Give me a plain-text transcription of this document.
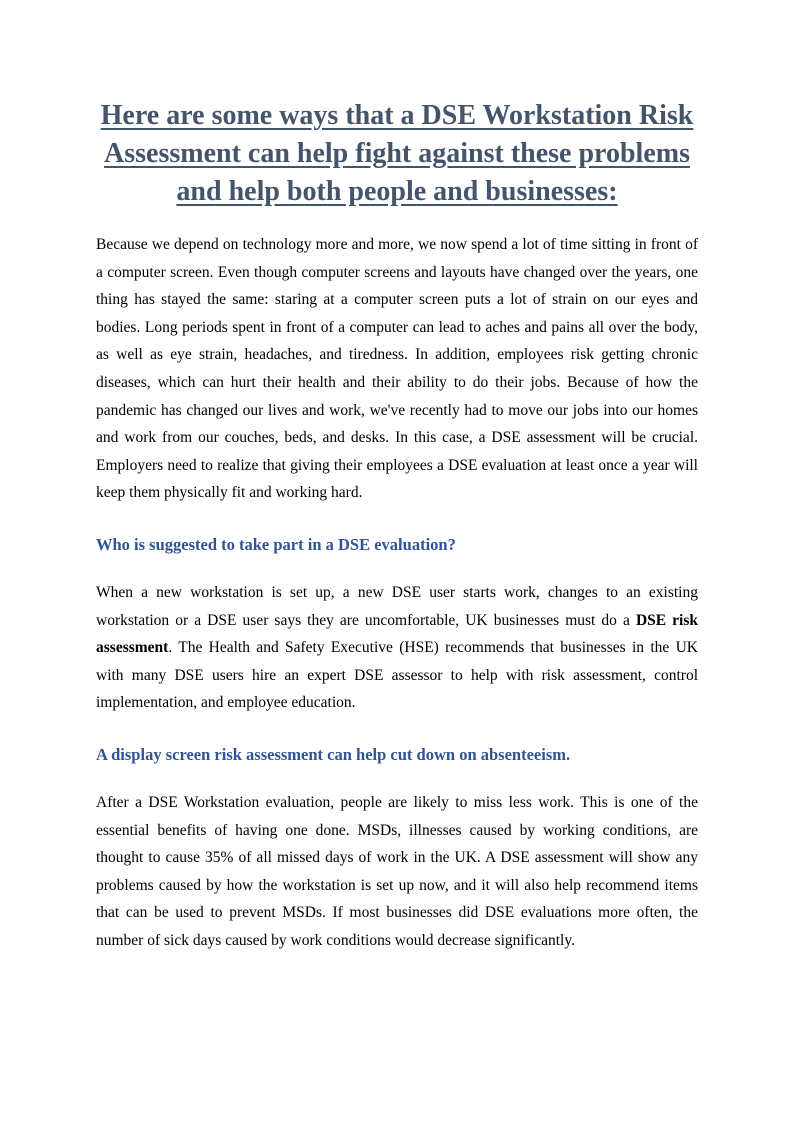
Here are some ways that a DSE Workstation Risk Assessment can help fight against these problems and help both people and businesses:

Because we depend on technology more and more, we now spend a lot of time sitting in front of a computer screen. Even though computer screens and layouts have changed over the years, one thing has stayed the same: staring at a computer screen puts a lot of strain on our eyes and bodies. Long periods spent in front of a computer can lead to aches and pains all over the body, as well as eye strain, headaches, and tiredness. In addition, employees risk getting chronic diseases, which can hurt their health and their ability to do their jobs. Because of how the pandemic has changed our lives and work, we've recently had to move our jobs into our homes and work from our couches, beds, and desks. In this case, a DSE assessment will be crucial. Employers need to realize that giving their employees a DSE evaluation at least once a year will keep them physically fit and working hard.

Who is suggested to take part in a DSE evaluation?

When a new workstation is set up, a new DSE user starts work, changes to an existing workstation or a DSE user says they are uncomfortable, UK businesses must do a DSE risk assessment. The Health and Safety Executive (HSE) recommends that businesses in the UK with many DSE users hire an expert DSE assessor to help with risk assessment, control implementation, and employee education.

A display screen risk assessment can help cut down on absenteeism.

After a DSE Workstation evaluation, people are likely to miss less work. This is one of the essential benefits of having one done. MSDs, illnesses caused by working conditions, are thought to cause 35% of all missed days of work in the UK. A DSE assessment will show any problems caused by how the workstation is set up now, and it will also help recommend items that can be used to prevent MSDs. If most businesses did DSE evaluations more often, the number of sick days caused by work conditions would decrease significantly.
